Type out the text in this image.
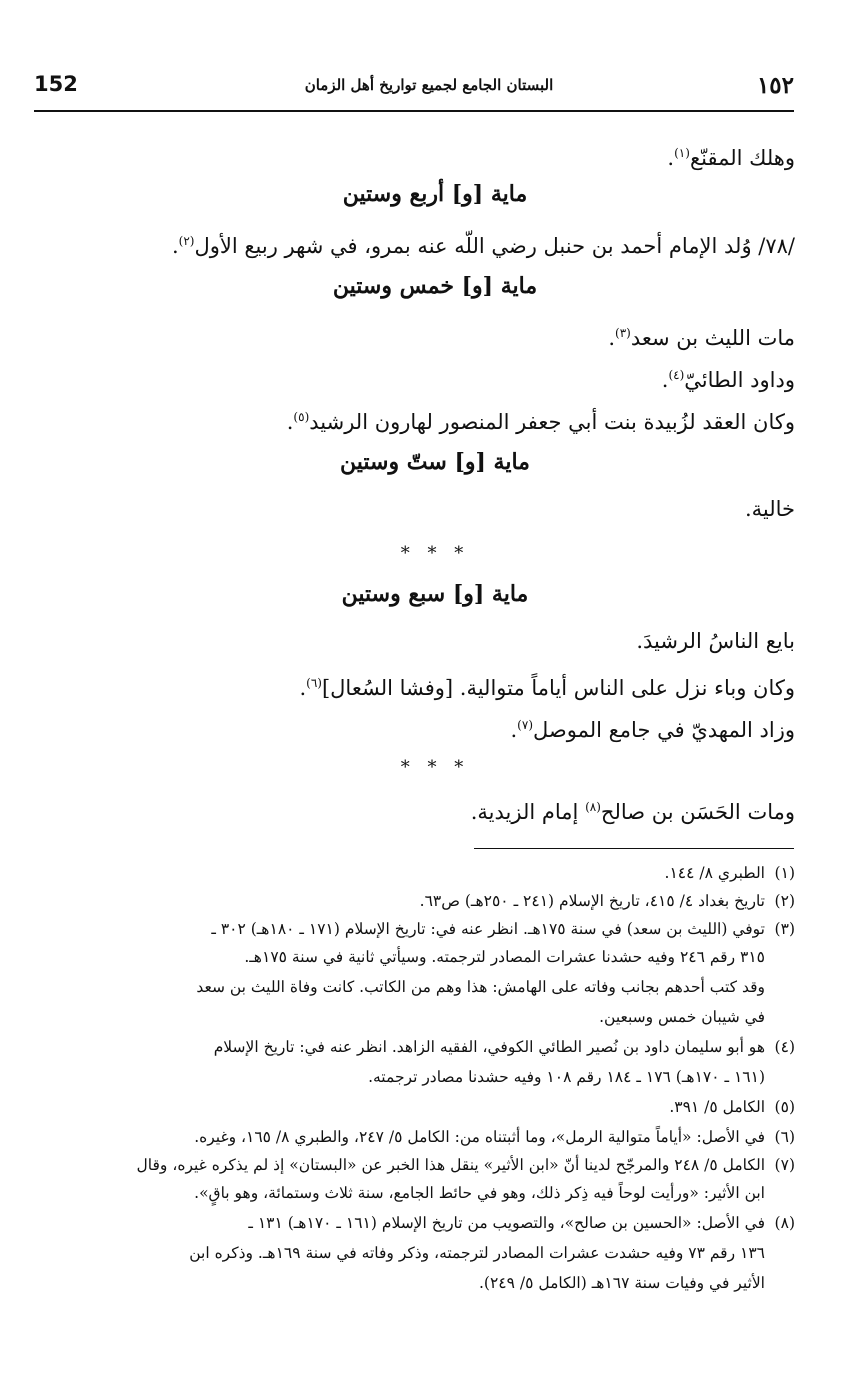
152	البستان الجامع لجميع تواريخ أهل الزمان	١٥٢
وهلك المقنّع$^{(١)}$.
ماية [و] أربع وستين
/٧٨/ وُلد الإمام أحمد بن حنبل رضي اللّه عنه بمرو، في شهر ربيع الأول$^{(٢)}$.
ماية [و] خمس وستين
مات الليث بن سعد$^{(٣)}$.
وداود الطائيّ$^{(٤)}$.
وكان العقد لزُبيدة بنت أبي جعفر المنصور لهارون الرشيد$^{(٥)}$.
ماية [و] ستّ وستين
خالية.
* * *
ماية [و] سبع وستين
بايع الناسُ الرشيدَ.
وكان وباء نزل على الناس أياماً متوالية. [وفشا السُعال]$^{(٦)}$.
وزاد المهديّ في جامع الموصل$^{(٧)}$.
* * *
ومات الحَسَن بن صالح$^{(٨)}$ إمام الزيدية.
(١)الطبري ٨/ ١٤٤.
(٢)تاريخ بغداد ٤/ ٤١٥، تاريخ الإسلام (٢٤١ ـ ٢٥٠هـ) ص٦٣.
(٣)توفي (الليث بن سعد) في سنة ١٧٥هـ. انظر عنه في: تاريخ الإسلام (١٧١ ـ ١٨٠هـ) ٣٠٢ ـ
٣١٥ رقم ٢٤٦ وفيه حشدنا عشرات المصادر لترجمته. وسيأتي ثانية في سنة ١٧٥هـ.
وقد كتب أحدهم بجانب وفاته على الهامش: هذا وهم من الكاتب. كانت وفاة الليث بن سعد
في شيبان خمس وسبعين.
(٤)هو أبو سليمان داود بن نُصير الطائي الكوفي، الفقيه الزاهد. انظر عنه في: تاريخ الإسلام
(١٦١ ـ ١٧٠هـ) ١٧٦ ـ ١٨٤ رقم ١٠٨ وفيه حشدنا مصادر ترجمته.
(٥)الكامل ٥/ ٣٩١.
(٦)في الأصل: «أياماً متوالية الرمل»، وما أثبتناه من: الكامل ٥/ ٢٤٧، والطبري ٨/ ١٦٥، وغيره.
(٧)الكامل ٥/ ٢٤٨ والمرجّح لدينا أنّ «ابن الأثير» ينقل هذا الخبر عن «البستان» إذ لم يذكره غيره، وقال
ابن الأثير: «ورأيت لوحاً فيه ذِكر ذلك، وهو في حائط الجامع، سنة ثلاث وستمائة، وهو باقٍ».
(٨)في الأصل: «الحسين بن صالح»، والتصويب من تاريخ الإسلام (١٦١ ـ ١٧٠هـ) ١٣١ ـ
١٣٦ رقم ٧٣ وفيه حشدت عشرات المصادر لترجمته، وذكر وفاته في سنة ١٦٩هـ. وذكره ابن
الأثير في وفيات سنة ١٦٧هـ (الكامل ٥/ ٢٤٩).
